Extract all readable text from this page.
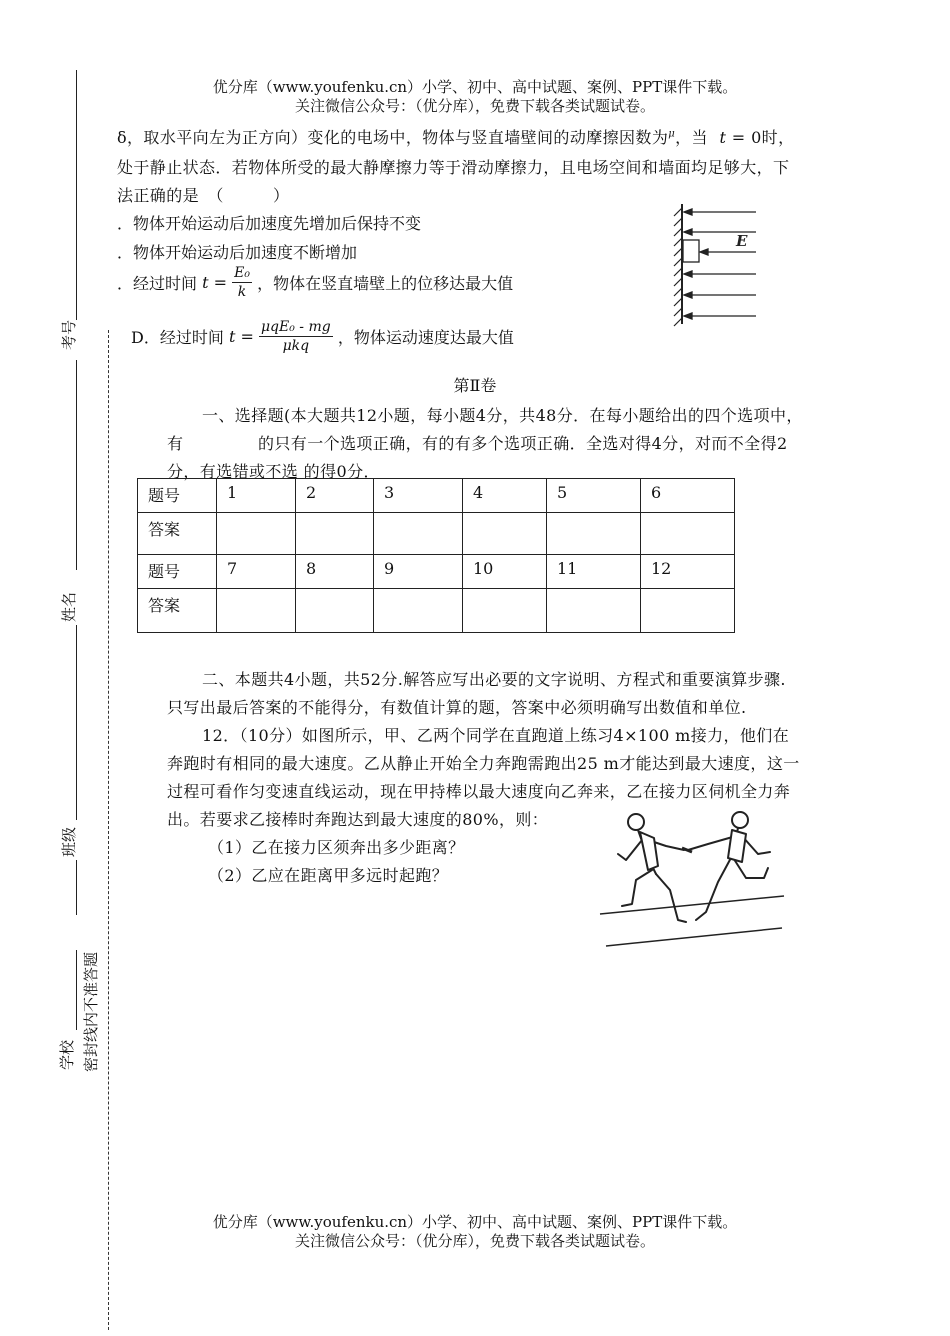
优分库（www.youfenku.cn）小学、初中、高中试题、案例、PPT课件下载。
关注微信公众号：（优分库），免费下载各类试题试卷。
考号
姓名
班级
学校 密封线内不准答题
δ，取水平向左为正方向）变化的电场中，物体与竖直墙壁间的动摩擦因数为$^\mu$，当 t = 0时，
处于静止状态．若物体所受的最大静摩擦力等于滑动摩擦力，且电场空间和墙面均足够大，下
法正确的是　（　　　）
．物体开始运动后加速度先增加后保持不变
．物体开始运动后加速度不断增加
．经过时间 $t = \frac{\text{E₀}}{k}$ ，物体在竖直墙壁上的位移达最大值
D．经过时间 $t = \frac{\text{μqE₀ - mg}}{\text{μkq}}$ ，物体运动速度达最大值
E
第Ⅱ卷
一、选择题(本大题共12小题，每小题4分，共48分．在每小题给出的四个选项中，
有	的只有一个选项正确，有的有多个选项正确．全选对得4分，对而不全得2
分，有选错或不选 的得0分．
题号	1	2	3	4	5	6
答案						
题号	7	8	9	10	11	12
答案						
二、本题共4小题，共52分.解答应写出必要的文字说明、方程式和重要演算步骤.
只写出最后答案的不能得分，有数值计算的题，答案中必须明确写出数值和单位.
12．（10分）如图所示，甲、乙两个同学在直跑道上练习4×100 m接力，他们在
奔跑时有相同的最大速度。乙从静止开始全力奔跑需跑出25 m才能达到最大速度，这一
过程可看作匀变速直线运动，现在甲持棒以最大速度向乙奔来，乙在接力区伺机全力奔
出。若要求乙接棒时奔跑达到最大速度的80%，则：
（1）乙在接力区须奔出多少距离？
（2）乙应在距离甲多远时起跑？
优分库（www.youfenku.cn）小学、初中、高中试题、案例、PPT课件下载。
关注微信公众号：（优分库），免费下载各类试题试卷。
